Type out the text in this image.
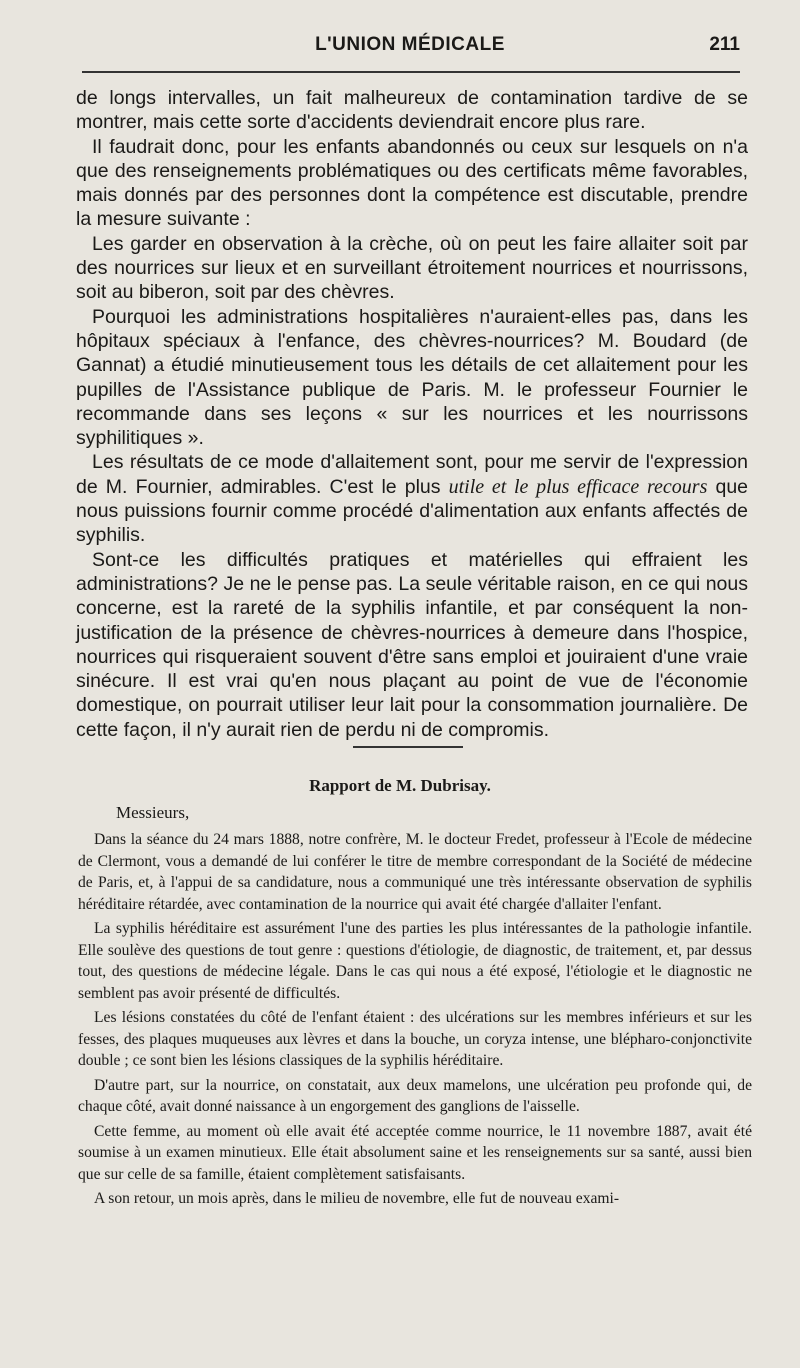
L'UNION MÉDICALE	211

de longs intervalles, un fait malheureux de contamination tardive de se montrer, mais cette sorte d'accidents deviendrait encore plus rare.

Il faudrait donc, pour les enfants abandonnés ou ceux sur lesquels on n'a que des renseignements problématiques ou des certificats même favorables, mais donnés par des personnes dont la compétence est discutable, prendre la mesure suivante :

Les garder en observation à la crèche, où on peut les faire allaiter soit par des nourrices sur lieux et en surveillant étroitement nourrices et nourrissons, soit au biberon, soit par des chèvres.

Pourquoi les administrations hospitalières n'auraient-elles pas, dans les hôpitaux spéciaux à l'enfance, des chèvres-nourrices? M. Boudard (de Gannat) a étudié minutieusement tous les détails de cet allaitement pour les pupilles de l'Assistance publique de Paris. M. le professeur Fournier le recommande dans ses leçons « sur les nourrices et les nourrissons syphilitiques ».

Les résultats de ce mode d'allaitement sont, pour me servir de l'expression de M. Fournier, admirables. C'est le plus utile et le plus efficace recours que nous puissions fournir comme procédé d'alimentation aux enfants affectés de syphilis.

Sont-ce les difficultés pratiques et matérielles qui effraient les administrations? Je ne le pense pas. La seule véritable raison, en ce qui nous concerne, est la rareté de la syphilis infantile, et par conséquent la non-justification de la présence de chèvres-nourrices à demeure dans l'hospice, nourrices qui risqueraient souvent d'être sans emploi et jouiraient d'une vraie sinécure. Il est vrai qu'en nous plaçant au point de vue de l'économie domestique, on pourrait utiliser leur lait pour la consommation journalière. De cette façon, il n'y aurait rien de perdu ni de compromis.

Rapport de M. Dubrisay.
Messieurs,

Dans la séance du 24 mars 1888, notre confrère, M. le docteur Fredet, professeur à l'Ecole de médecine de Clermont, vous a demandé de lui conférer le titre de membre correspondant de la Société de médecine de Paris, et, à l'appui de sa candidature, nous a communiqué une très intéressante observation de syphilis héréditaire rétardée, avec contamination de la nourrice qui avait été chargée d'allaiter l'enfant.

La syphilis héréditaire est assurément l'une des parties les plus intéressantes de la pathologie infantile. Elle soulève des questions de tout genre : questions d'étiologie, de diagnostic, de traitement, et, par dessus tout, des questions de médecine légale. Dans le cas qui nous a été exposé, l'étiologie et le diagnostic ne semblent pas avoir présenté de difficultés.

Les lésions constatées du côté de l'enfant étaient : des ulcérations sur les membres inférieurs et sur les fesses, des plaques muqueuses aux lèvres et dans la bouche, un coryza intense, une blépharo-conjonctivite double ; ce sont bien les lésions classiques de la syphilis héréditaire.

D'autre part, sur la nourrice, on constatait, aux deux mamelons, une ulcération peu profonde qui, de chaque côté, avait donné naissance à un engorgement des ganglions de l'aisselle.

Cette femme, au moment où elle avait été acceptée comme nourrice, le 11 novembre 1887, avait été soumise à un examen minutieux. Elle était absolument saine et les renseignements sur sa santé, aussi bien que sur celle de sa famille, étaient complètement satisfaisants.

A son retour, un mois après, dans le milieu de novembre, elle fut de nouveau exami-
